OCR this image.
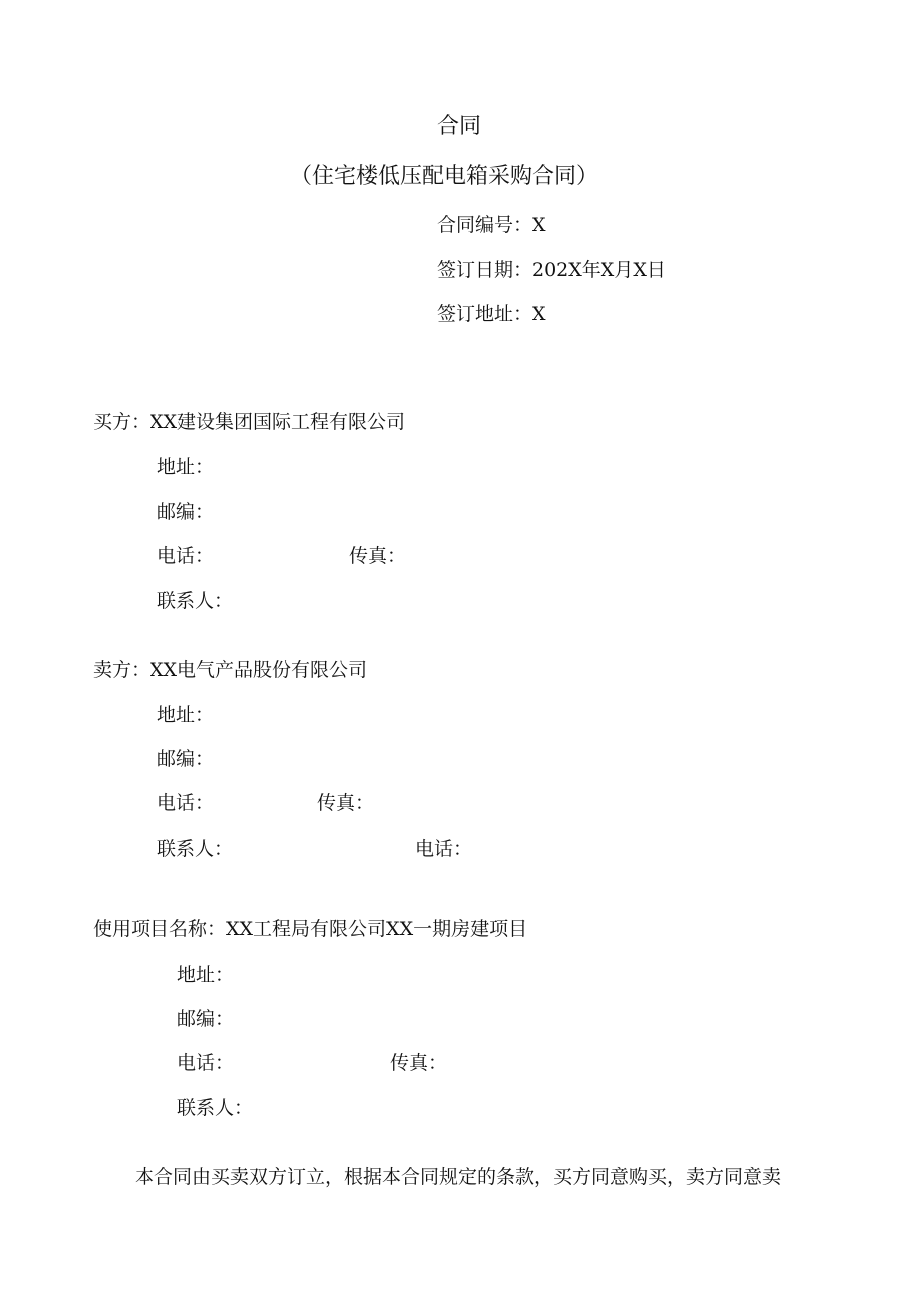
合同
（住宅楼低压配电箱采购合同）
合同编号：X
签订日期：202X年X月X日
签订地址：X
买方：XX建设集团国际工程有限公司
地址：
邮编：
电话：	传真：
联系人：
卖方：XX电气产品股份有限公司
地址：
邮编：
电话：	传真：
联系人：	电话：
使用项目名称：XX工程局有限公司XX一期房建项目
地址：
邮编：
电话：	传真：
联系人：
本合同由买卖双方订立，根据本合同规定的条款，买方同意购买，卖方同意卖
